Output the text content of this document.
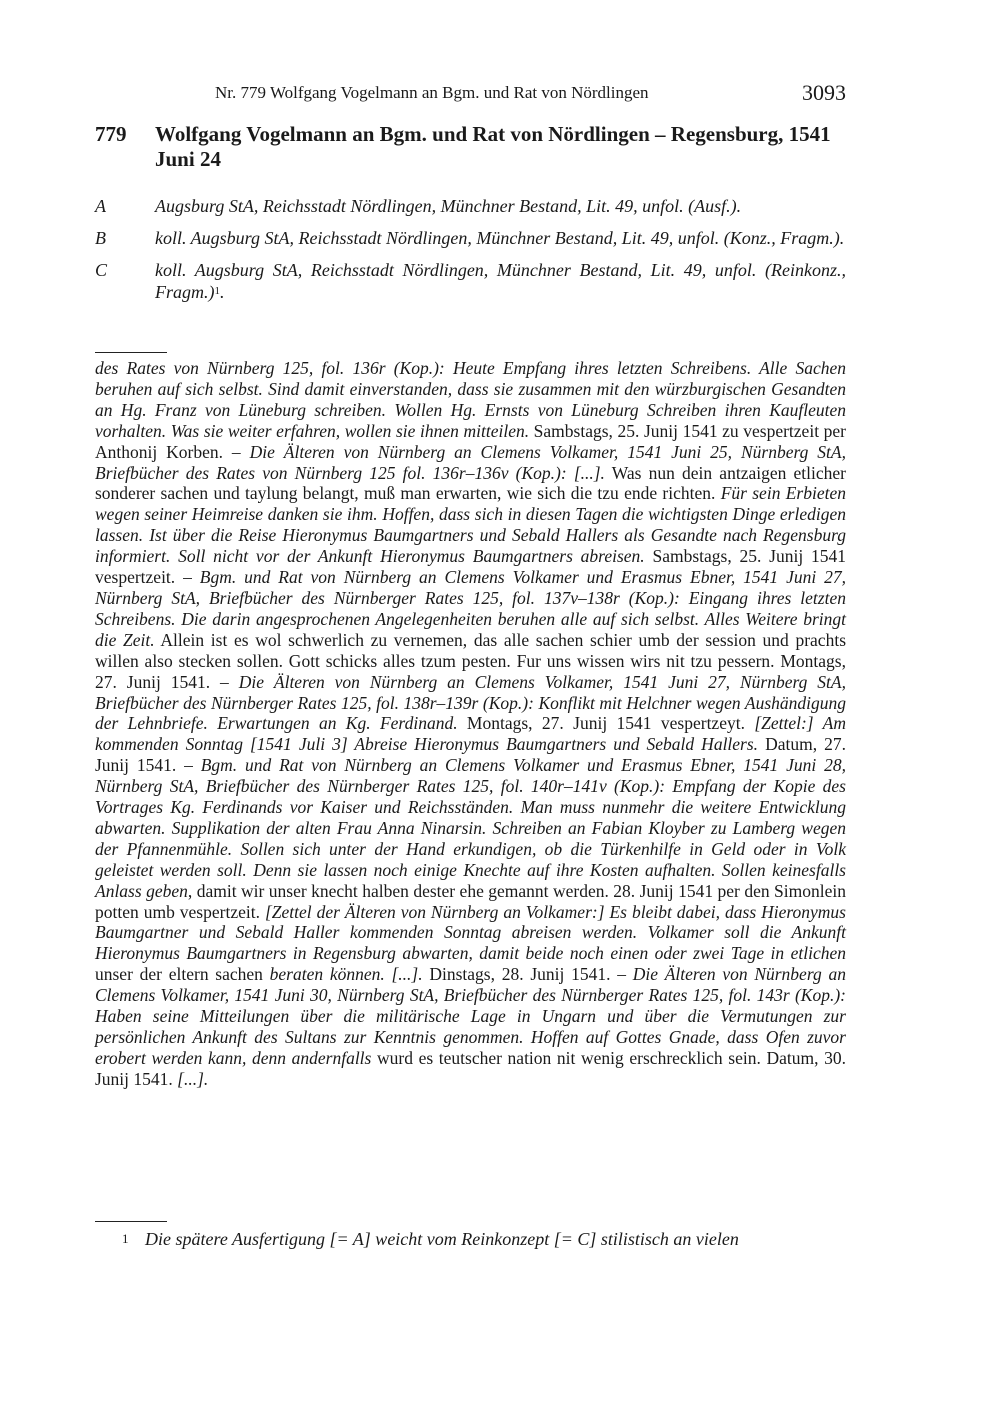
Nr. 779 Wolfgang Vogelmann an Bgm. und Rat von Nördlingen	3093
779 Wolfgang Vogelmann an Bgm. und Rat von Nördlingen – Regensburg, 1541 Juni 24
A	Augsburg StA, Reichsstadt Nördlingen, Münchner Bestand, Lit. 49, unfol. (Ausf.).
B	koll. Augsburg StA, Reichsstadt Nördlingen, Münchner Bestand, Lit. 49, unfol. (Konz., Fragm.).
C	koll. Augsburg StA, Reichsstadt Nördlingen, Münchner Bestand, Lit. 49, unfol. (Reinkonz., Fragm.)$^1$.
des Rates von Nürnberg 125, fol. 136r (Kop.): Heute Empfang ihres letzten Schreibens. Alle Sachen beruhen auf sich selbst. Sind damit einverstanden, dass sie zusammen mit den würzburgischen Gesandten an Hg. Franz von Lüneburg schreiben. Wollen Hg. Ernsts von Lüneburg Schreiben ihren Kaufleuten vorhalten. Was sie weiter erfahren, wollen sie ihnen mitteilen. Sambstags, 25. Junij 1541 zu vespertzeit per Anthonij Korben. – Die Älteren von Nürnberg an Clemens Volkamer, 1541 Juni 25, Nürnberg StA, Briefbücher des Rates von Nürnberg 125 fol. 136r–136v (Kop.): [...]. Was nun dein antzaigen etlicher sonderer sachen und taylung belangt, muß man erwarten, wie sich die tzu ende richten. Für sein Erbieten wegen seiner Heimreise danken sie ihm. Hoffen, dass sich in diesen Tagen die wichtigsten Dinge erledigen lassen. Ist über die Reise Hieronymus Baumgartners und Sebald Hallers als Gesandte nach Regensburg informiert. Soll nicht vor der Ankunft Hieronymus Baumgartners abreisen. Sambstags, 25. Junij 1541 vespertzeit. – Bgm. und Rat von Nürnberg an Clemens Volkamer und Erasmus Ebner, 1541 Juni 27, Nürnberg StA, Briefbücher des Nürnberger Rates 125, fol. 137v–138r (Kop.): Eingang ihres letzten Schreibens. Die darin angesprochenen Angelegenheiten beruhen alle auf sich selbst. Alles Weitere bringt die Zeit. Allein ist es wol schwerlich zu vernemen, das alle sachen schier umb der session und prachts willen also stecken sollen. Gott schicks alles tzum pesten. Fur uns wissen wirs nit tzu pessern. Montags, 27. Junij 1541. – Die Älteren von Nürnberg an Clemens Volkamer, 1541 Juni 27, Nürnberg StA, Briefbücher des Nürnberger Rates 125, fol. 138r–139r (Kop.): Konflikt mit Helchner wegen Aushändigung der Lehnbriefe. Erwartungen an Kg. Ferdinand. Montags, 27. Junij 1541 vespertzeyt. [Zettel:] Am kommenden Sonntag [1541 Juli 3] Abreise Hieronymus Baumgartners und Sebald Hallers. Datum, 27. Junij 1541. – Bgm. und Rat von Nürnberg an Clemens Volkamer und Erasmus Ebner, 1541 Juni 28, Nürnberg StA, Briefbücher des Nürnberger Rates 125, fol. 140r–141v (Kop.): Empfang der Kopie des Vortrages Kg. Ferdinands vor Kaiser und Reichsständen. Man muss nunmehr die weitere Entwicklung abwarten. Supplikation der alten Frau Anna Ninarsin. Schreiben an Fabian Kloyber zu Lamberg wegen der Pfannenmühle. Sollen sich unter der Hand erkundigen, ob die Türkenhilfe in Geld oder in Volk geleistet werden soll. Denn sie lassen noch einige Knechte auf ihre Kosten aufhalten. Sollen keinesfalls Anlass geben, damit wir unser knecht halben dester ehe gemannt werden. 28. Junij 1541 per den Simonlein potten umb vespertzeit. [Zettel der Älteren von Nürnberg an Volkamer:] Es bleibt dabei, dass Hieronymus Baumgartner und Sebald Haller kommenden Sonntag abreisen werden. Volkamer soll die Ankunft Hieronymus Baumgartners in Regensburg abwarten, damit beide noch einen oder zwei Tage in etlichen unser der eltern sachen beraten können. [...]. Dinstags, 28. Junij 1541. – Die Älteren von Nürnberg an Clemens Volkamer, 1541 Juni 30, Nürnberg StA, Briefbücher des Nürnberger Rates 125, fol. 143r (Kop.): Haben seine Mitteilungen über die militärische Lage in Ungarn und über die Vermutungen zur persönlichen Ankunft des Sultans zur Kenntnis genommen. Hoffen auf Gottes Gnade, dass Ofen zuvor erobert werden kann, denn andernfalls wurd es teutscher nation nit wenig erschrecklich sein. Datum, 30. Junij 1541. [...].
1 Die spätere Ausfertigung [= A] weicht vom Reinkonzept [= C] stilistisch an vielen
